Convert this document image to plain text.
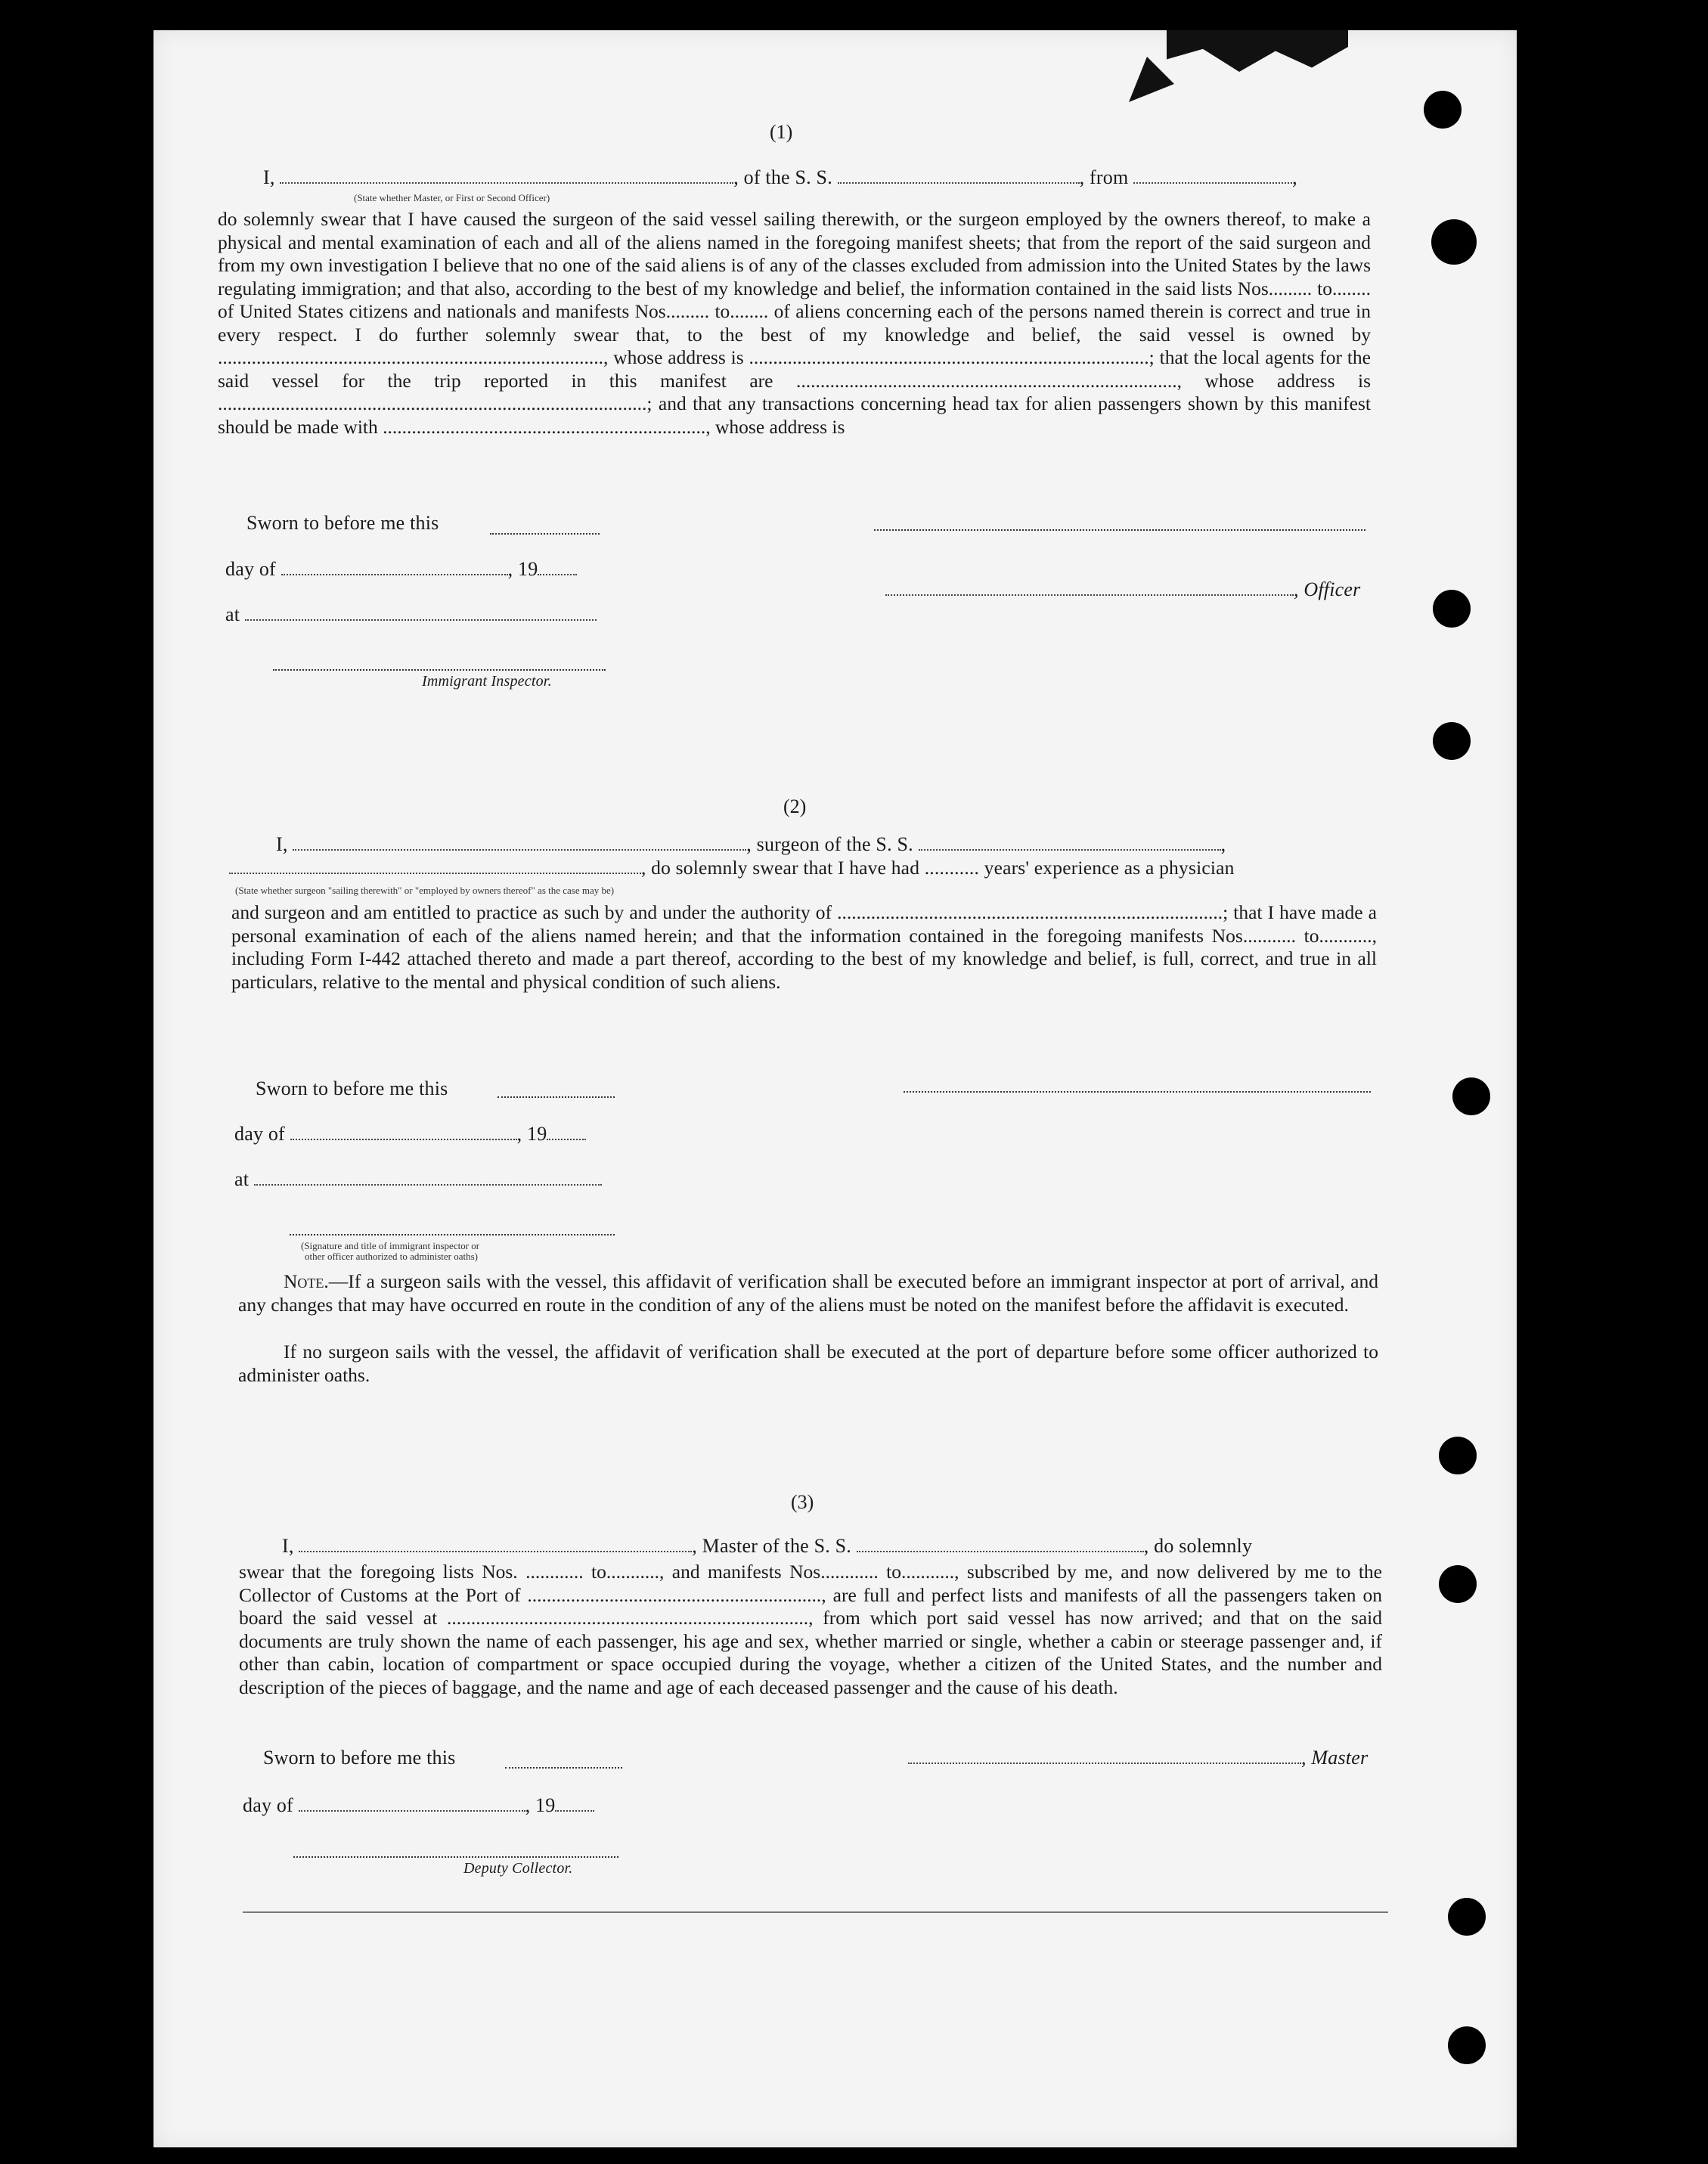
(1)
I,	, of the S. S.	, from	,
(State whether Master, or First or Second Officer)
do solemnly swear that I have caused the surgeon of the said vessel sailing therewith, or the surgeon employed by the owners thereof, to make a physical and mental examination of each and all of the aliens named in the foregoing manifest sheets; that from the report of the said surgeon and from my own investigation I believe that no one of the said aliens is of any of the classes excluded from admission into the United States by the laws regulating immigration; and that also, according to the best of my knowledge and belief, the information contained in the said lists Nos......... to........ of United States citizens and nationals and manifests Nos......... to........ of aliens concerning each of the persons named therein is correct and true in every respect. I do further solemnly swear that, to the best of my knowledge and belief, the said vessel is owned by ................................................................................, whose address is ...................................................................................; that the local agents for the said vessel for the trip reported in this manifest are ..............................................................................., whose address is .........................................................................................; and that any transactions concerning head tax for alien passengers shown by this manifest should be made with ..................................................................., whose address is
Sworn to before me this
day of	, 19
, Officer
at
Immigrant Inspector.
(2)
I,	, surgeon of the S. S.	,
, do solemnly swear that I have had ........... years' experience as a physician
(State whether surgeon "sailing therewith" or "employed by owners thereof" as the case may be)
and surgeon and am entitled to practice as such by and under the authority of ................................................................................; that I have made a personal examination of each of the aliens named herein; and that the information contained in the foregoing manifests Nos........... to..........., including Form I-442 attached thereto and made a part thereof, according to the best of my knowledge and belief, is full, correct, and true in all particulars, relative to the mental and physical condition of such aliens.
Sworn to before me this
day of	, 19
at
(Signature and title of immigrant inspector or
other officer authorized to administer oaths)
Note.—If a surgeon sails with the vessel, this affidavit of verification shall be executed before an immigrant inspector at port of arrival, and any changes that may have occurred en route in the condition of any of the aliens must be noted on the manifest before the affidavit is executed.
If no surgeon sails with the vessel, the affidavit of verification shall be executed at the port of departure before some officer authorized to administer oaths.
(3)
I,	, Master of the S. S.	, do solemnly
swear that the foregoing lists Nos. ............ to..........., and manifests Nos............ to..........., subscribed by me, and now delivered by me to the Collector of Customs at the Port of ............................................................., are full and perfect lists and manifests of all the passengers taken on board the said vessel at ..........................................................................., from which port said vessel has now arrived; and that on the said documents are truly shown the name of each passenger, his age and sex, whether married or single, whether a cabin or steerage passenger and, if other than cabin, location of compartment or space occupied during the voyage, whether a citizen of the United States, and the number and description of the pieces of baggage, and the name and age of each deceased passenger and the cause of his death.
Sworn to before me this	, Master
day of	, 19
Deputy Collector.
